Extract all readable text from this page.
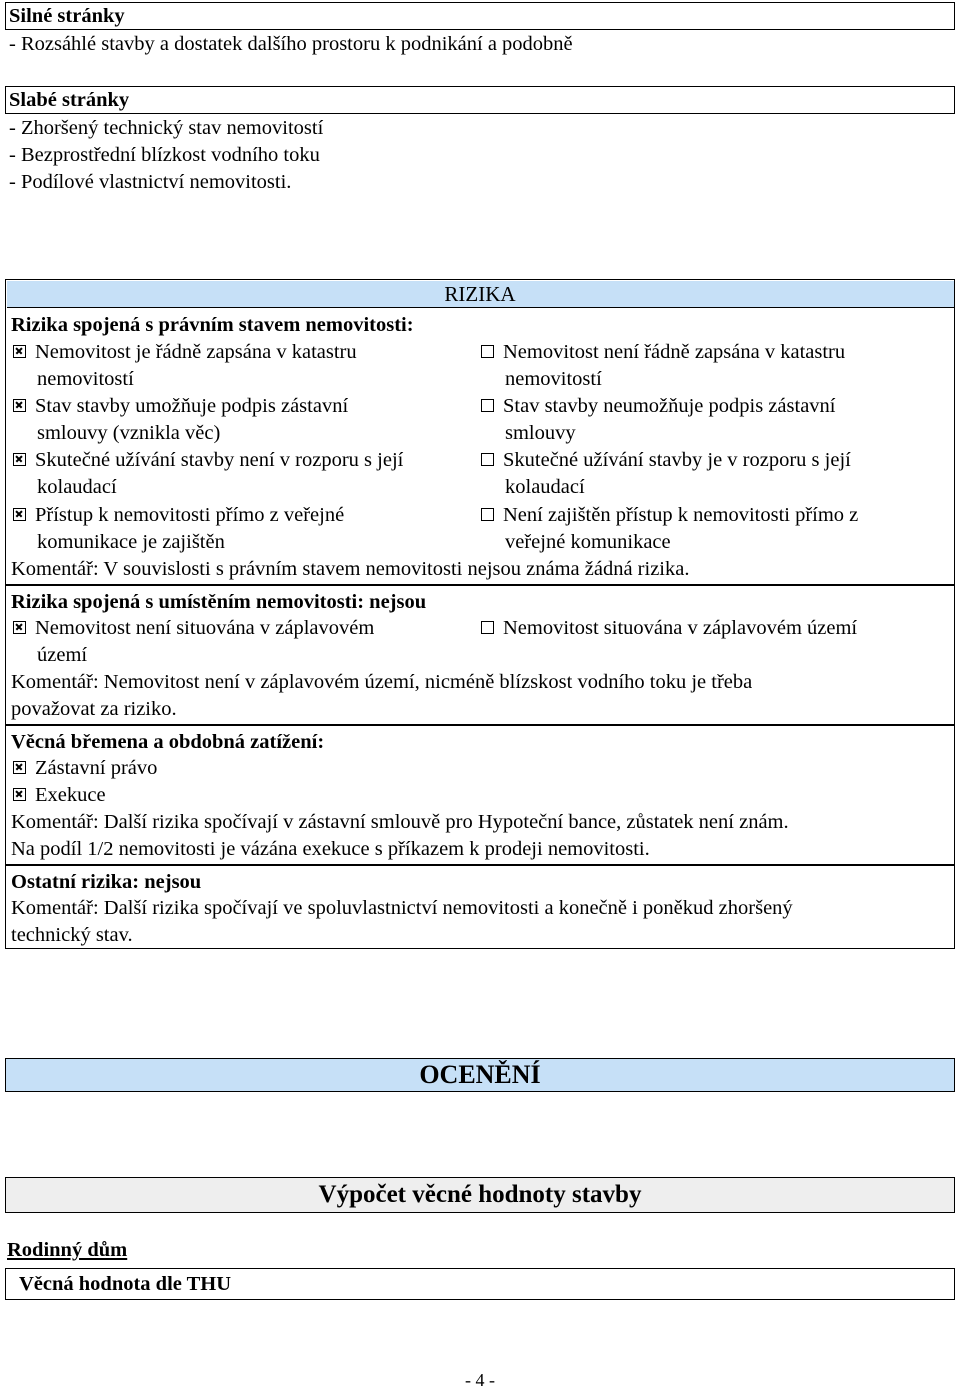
Silné stránky
- Rozsáhlé stavby a dostatek dalšího prostoru k podnikání a podobně
Slabé stránky
- Zhoršený technický stav nemovitostí
- Bezprostřední blízkost vodního toku
- Podílové vlastnictví nemovitosti.
RIZIKA
Rizika spojená s právním stavem nemovitosti:
Nemovitost je řádně zapsána v katastru
nemovitostí
Nemovitost není řádně zapsána v katastru
nemovitostí
Stav stavby umožňuje podpis zástavní
smlouvy (vznikla věc)
Stav stavby neumožňuje podpis zástavní
smlouvy
Skutečné užívání stavby není v rozporu s její
kolaudací
Skutečné užívání stavby je v rozporu s její
kolaudací
Přístup k nemovitosti přímo z veřejné
komunikace je zajištěn
Není zajištěn přístup k nemovitosti přímo z
veřejné komunikace
Komentář: V souvislosti s právním stavem nemovitosti nejsou známa žádná rizika.
Rizika spojená s umístěním nemovitosti: nejsou
Nemovitost není situována v záplavovém
území
Nemovitost situována v záplavovém území
Komentář: Nemovitost není v záplavovém území, nicméně blízskost vodního toku je třeba
považovat za riziko.
Věcná břemena a obdobná zatížení:
Zástavní právo
Exekuce
Komentář: Další rizika spočívají v zástavní smlouvě pro Hypoteční bance, zůstatek není znám.
Na podíl 1/2 nemovitosti je vázána exekuce s příkazem k prodeji nemovitosti.
Ostatní rizika: nejsou
Komentář: Další rizika spočívají ve spoluvlastnictví nemovitosti a konečně i poněkud zhoršený
technický stav.
OCENĚNÍ
Výpočet věcné hodnoty stavby
Rodinný dům
Věcná hodnota dle THU
- 4 -
